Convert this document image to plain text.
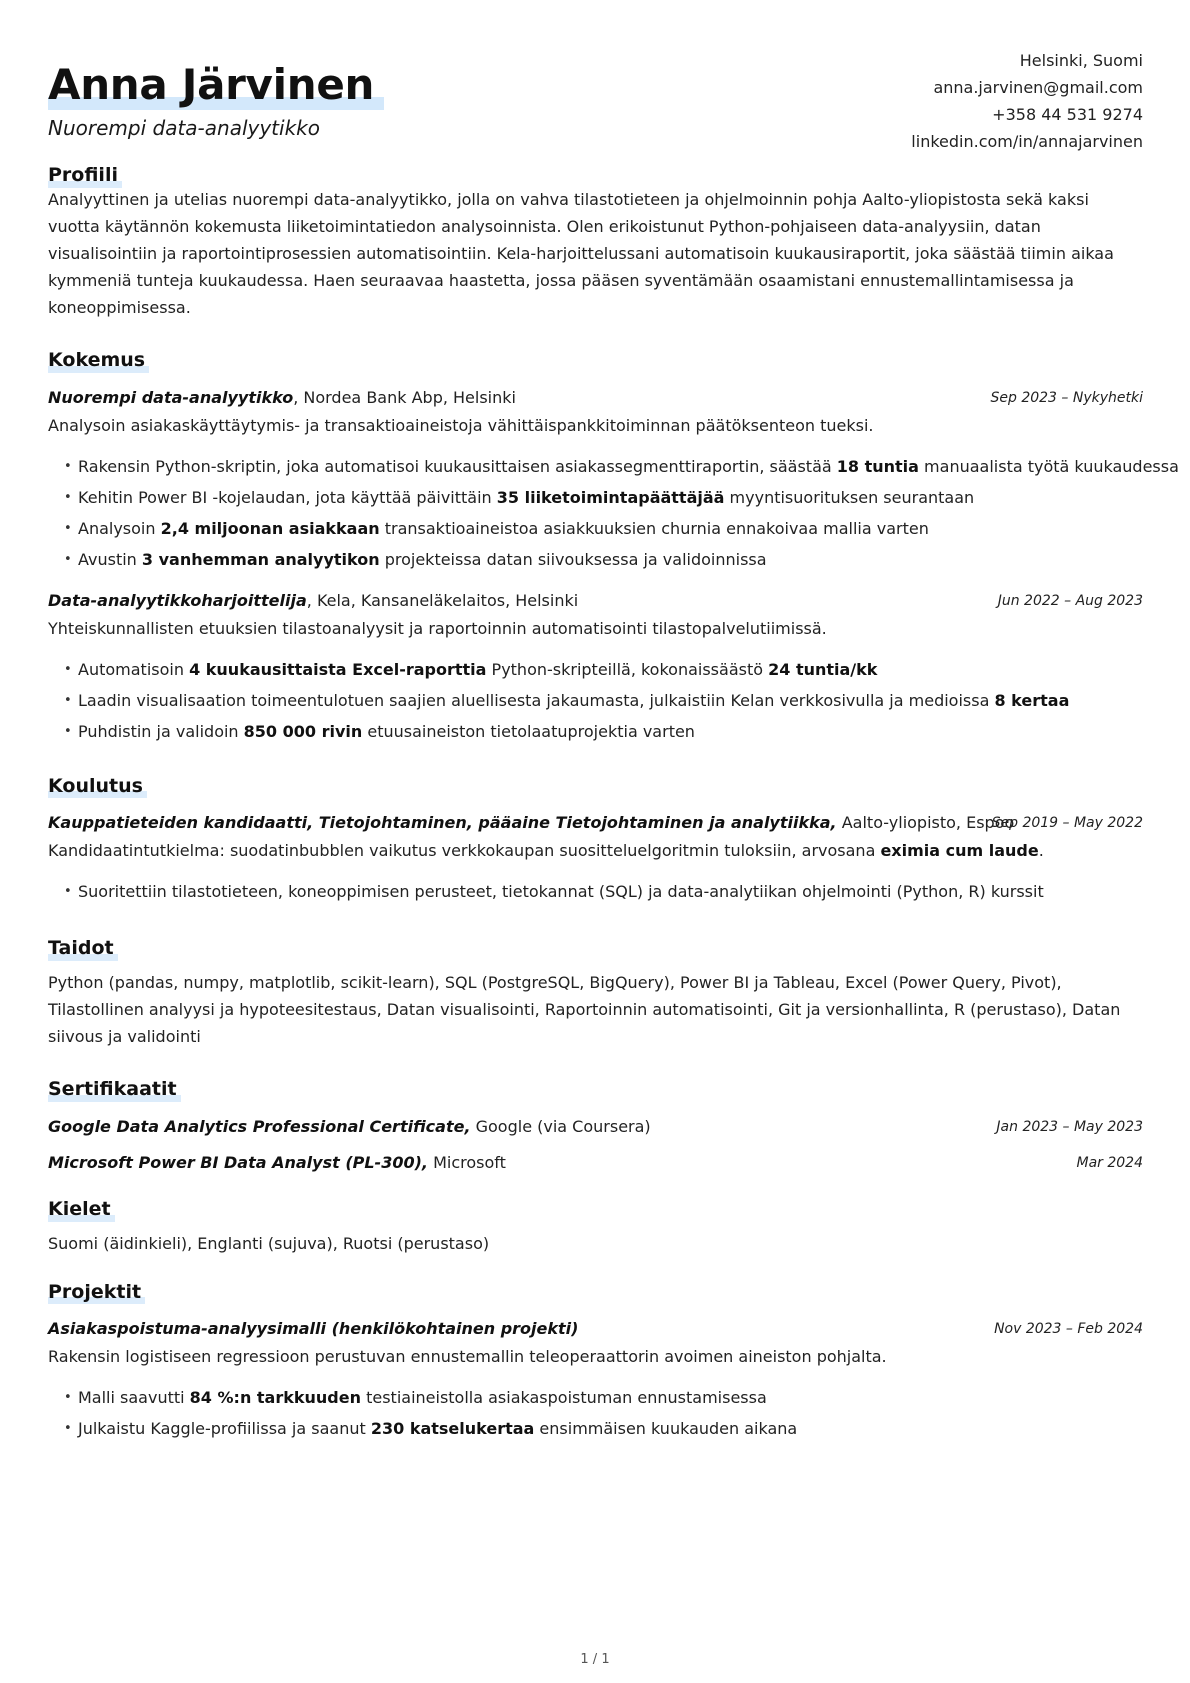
Anna Järvinen
Nuorempi data-analyytikko
Helsinki, Suomi
anna.jarvinen@gmail.com
+358 44 531 9274
linkedin.com/in/annajarvinen
Profiili
Analyyttinen ja utelias nuorempi data-analyytikko, jolla on vahva tilastotieteen ja ohjelmoinnin pohja Aalto-yliopistosta sekä kaksi vuotta käytännön kokemusta liiketoimintatiedon analysoinnista. Olen erikoistunut Python-pohjaiseen data-analyysiin, datan visualisointiin ja raportointiprosessien automatisointiin. Kela-harjoittelussani automatisoin kuukausiraportit, joka säästää tiimin aikaa kymmeniä tunteja kuukaudessa. Haen seuraavaa haastetta, jossa pääsen syventämään osaamistani ennustemallintamisessa ja koneoppimisessa.
Kokemus
Nuorempi data-analyytikko, Nordea Bank Abp, Helsinki	Sep 2023 – Nykyhetki
Analysoin asiakaskäyttäytymis- ja transaktioaineistoja vähittäispankkitoiminnan päätöksenteon tueksi.
• Rakensin Python-skriptin, joka automatisoi kuukausittaisen asiakassegmenttiraportin, säästää 18 tuntia manuaalista työtä kuukaudessa
• Kehitin Power BI -kojelaudan, jota käyttää päivittäin 35 liiketoimintapäättäjää myyntisuorituksen seurantaan
• Analysoin 2,4 miljoonan asiakkaan transaktioaineistoa asiakkuuksien churnia ennakoivaa mallia varten
• Avustin 3 vanhemman analyytikon projekteissa datan siivouksessa ja validoinnissa
Data-analyytikkoharjoittelija, Kela, Kansaneläkelaitos, Helsinki	Jun 2022 – Aug 2023
Yhteiskunnallisten etuuksien tilastoanalyysit ja raportoinnin automatisointi tilastopalvelutiimissä.
• Automatisoin 4 kuukausittaista Excel-raporttia Python-skripteillä, kokonaissäästö 24 tuntia/kk
• Laadin visualisaation toimeentulotuen saajien aluellisesta jakaumasta, julkaistiin Kelan verkkosivulla ja medioissa 8 kertaa
• Puhdistin ja validoin 850 000 rivin etuusaineiston tietolaatuprojektia varten
Koulutus
Kauppatieteiden kandidaatti, Tietojohtaminen, pääaine Tietojohtaminen ja analytiikka, Aalto-yliopisto, Espoo
Sep 2019 – May 2022
Kandidaatintutkielma: suodatinbubblen vaikutus verkkokaupan suositteluelgoritmin tuloksiin, arvosana eximia cum laude.
• Suoritettiin tilastotieteen, koneoppimisen perusteet, tietokannat (SQL) ja data-analytiikan ohjelmointi (Python, R) kurssit
Taidot
Python (pandas, numpy, matplotlib, scikit-learn), SQL (PostgreSQL, BigQuery), Power BI ja Tableau, Excel (Power Query, Pivot), Tilastollinen analyysi ja hypoteesitestaus, Datan visualisointi, Raportoinnin automatisointi, Git ja versionhallinta, R (perustaso), Datan siivous ja validointi
Sertifikaatit
Google Data Analytics Professional Certificate, Google (via Coursera)	Jan 2023 – May 2023
Microsoft Power BI Data Analyst (PL-300), Microsoft	Mar 2024
Kielet
Suomi (äidinkieli), Englanti (sujuva), Ruotsi (perustaso)
Projektit
Asiakaspoistuma-analyysimalli (henkilökohtainen projekti)	Nov 2023 – Feb 2024
Rakensin logistiseen regressioon perustuvan ennustemallin teleoperaattorin avoimen aineiston pohjalta.
• Malli saavutti 84 %:n tarkkuuden testiaineistolla asiakaspoistuman ennustamisessa
• Julkaistu Kaggle-profiilissa ja saanut 230 katselukertaa ensimmäisen kuukauden aikana
1 / 1
